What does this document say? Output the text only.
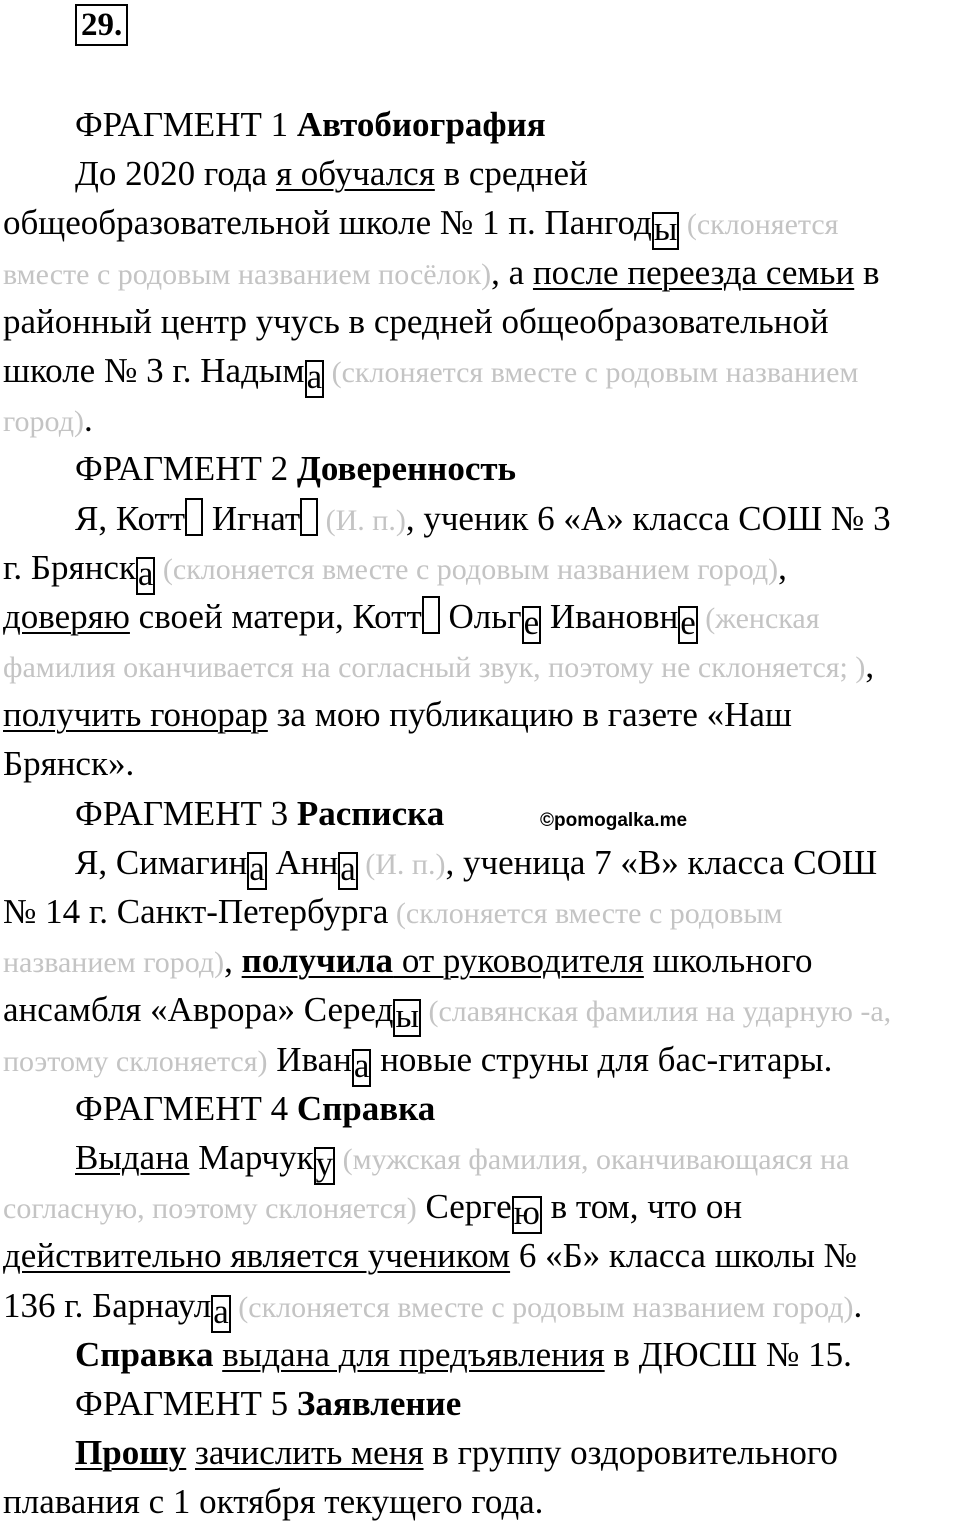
29.
©pomogalka.me
ФРАГМЕНТ 1 Автобиография
До 2020 года я обучался в средней
общеобразовательной школе № 1 п. Пангоды (склоняется
вместе с родовым названием посёлок), а после переезда семьи в
районный центр учусь в средней общеобразовательной
школе № 3 г. Надыма (склоняется вместе с родовым названием
город).
ФРАГМЕНТ 2 Доверенность
Я, Котт Игнат (И. п.), ученик 6 «А» класса СОШ № 3
г. Брянска (склоняется вместе с родовым названием город),
доверяю своей матери, Котт Ольге Ивановне (женская
фамилия оканчивается на согласный звук, поэтому не склоняется; ),
получить гонорар за мою публикацию в газете «Наш
Брянск».
ФРАГМЕНТ 3 Расписка
Я, Симагина Анна (И. п.), ученица 7 «В» класса СОШ
№ 14 г. Санкт-Петербурга (склоняется вместе с родовым
названием город), получила от руководителя школьного
ансамбля «Аврора» Середы (славянская фамилия на ударную -а,
поэтому склоняется) Ивана новые струны для бас-гитары.
ФРАГМЕНТ 4 Справка
Выдана Марчуку (мужская фамилия, оканчивающаяся на
согласную, поэтому склоняется) Сергею в том, что он
действительно является учеником 6 «Б» класса школы №
136 г. Барнаула (склоняется вместе с родовым названием город).
Справка выдана для предъявления в ДЮСШ № 15.
ФРАГМЕНТ 5 Заявление
Прошу зачислить меня в группу оздоровительного
плавания с 1 октября текущего года.
